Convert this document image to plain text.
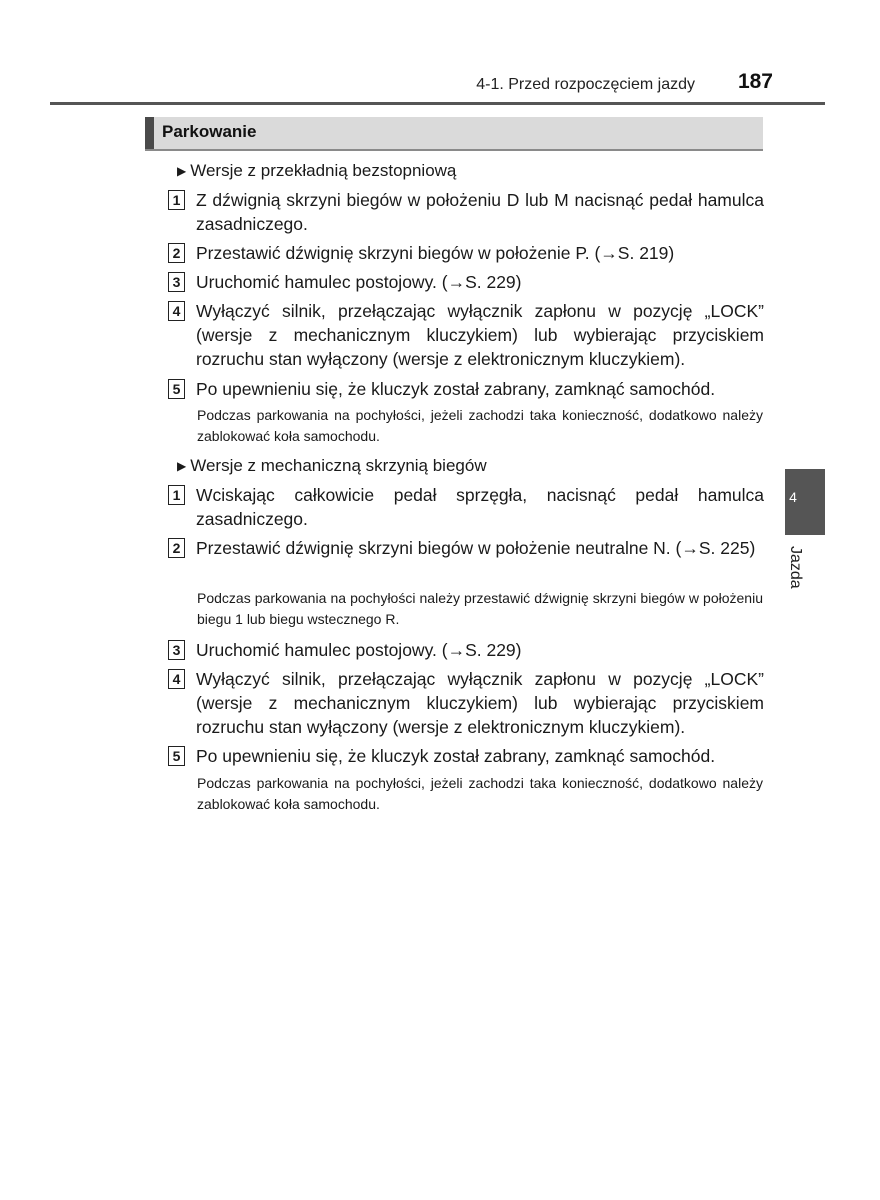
4-1. Przed rozpoczęciem jazdy 187
Parkowanie
▶ Wersje z przekładnią bezstopniową
1 Z dźwignią skrzyni biegów w położeniu D lub M nacisnąć pedał hamulca zasadniczego.
2 Przestawić dźwignię skrzyni biegów w położenie P. (→S. 219)
3 Uruchomić hamulec postojowy. (→S. 229)
4 Wyłączyć silnik, przełączając wyłącznik zapłonu w pozycję „LOCK” (wersje z mechanicznym kluczykiem) lub wybierając przyciskiem rozruchu stan wyłączony (wersje z elektronicznym kluczykiem).
5 Po upewnieniu się, że kluczyk został zabrany, zamknąć samochód.
Podczas parkowania na pochyłości, jeżeli zachodzi taka konieczność, dodatkowo należy zablokować koła samochodu.
▶ Wersje z mechaniczną skrzynią biegów
1 Wciskając całkowicie pedał sprzęgła, nacisnąć pedał hamulca zasadniczego.
2 Przestawić dźwignię skrzyni biegów w położenie neutralne N. (→S. 225)
Podczas parkowania na pochyłości należy przestawić dźwignię skrzyni biegów w położeniu biegu 1 lub biegu wstecznego R.
3 Uruchomić hamulec postojowy. (→S. 229)
4 Wyłączyć silnik, przełączając wyłącznik zapłonu w pozycję „LOCK” (wersje z mechanicznym kluczykiem) lub wybierając przyciskiem rozruchu stan wyłączony (wersje z elektronicznym kluczykiem).
5 Po upewnieniu się, że kluczyk został zabrany, zamknąć samochód.
Podczas parkowania na pochyłości, jeżeli zachodzi taka konieczność, dodatkowo należy zablokować koła samochodu.
4
Jazda
